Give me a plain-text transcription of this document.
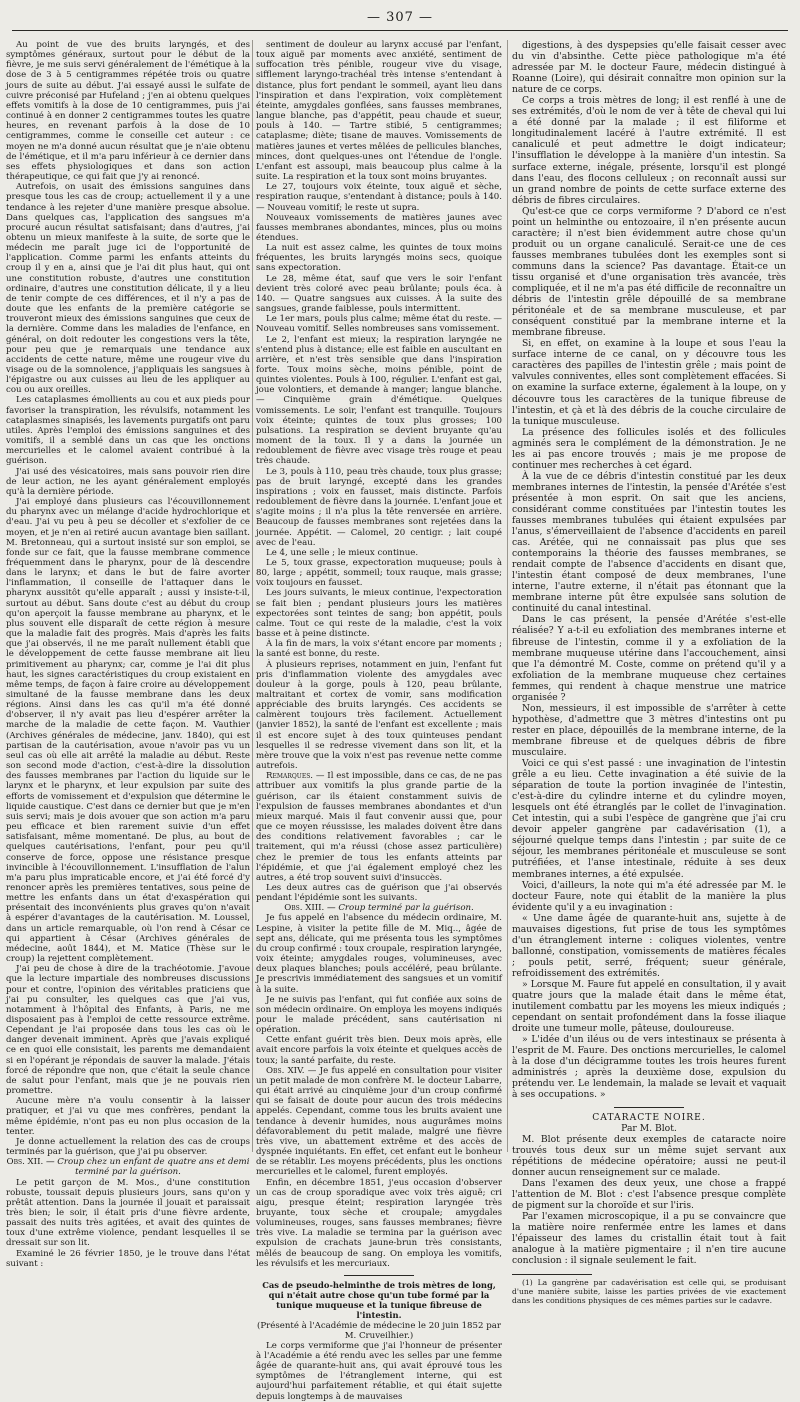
— 307 —

Au point de vue des bruits laryngés, et des symptômes généraux, surtout pour le début de la fièvre, je me suis servi généralement de l'émétique à la dose de 3 à 5 centigrammes répétée trois ou quatre jours de suite au début. J'ai essayé aussi le sulfate de cuivre préconisé par Hufeland ; j'en ai obtenu quelques effets vomitifs à la dose de 10 centigrammes, puis j'ai continué à en donner 2 centigrammes toutes les quatre heures, en revenant parfois à la dose de 10 centigrammes, comme le conseille cet auteur : ce moyen ne m'a donné aucun résultat que je n'aie obtenu de l'émétique, et il m'a paru inférieur à ce dernier dans ses effets physiologiques et dans son action thérapeutique, ce qui fait que j'y ai renoncé.

Autrefois, on usait des émissions sanguines dans presque tous les cas de croup; actuellement il y a une tendance à les rejeter d'une manière presque absolue. Dans quelques cas, l'application des sangsues m'a procuré aucun résultat satisfaisant; dans d'autres, j'ai obtenu un mieux manifeste à la suite, de sorte que le médecin me paraît juge ici de l'opportunité de l'application. Comme parmi les enfants atteints du croup il y en a, ainsi que je l'ai dit plus haut, qui ont une constitution robuste, d'autres une constitution ordinaire, d'autres une constitution délicate, il y a lieu de tenir compte de ces différences, et il n'y a pas de doute que les enfants de la première catégorie se trouveront mieux des émissions sanguines que ceux de la dernière. Comme dans les maladies de l'enfance, en général, on doit redouter les congestions vers la tête, pour peu que je remarquais une tendance aux accidents de cette nature, même une rougeur vive du visage ou de la somnolence, j'appliquais les sangsues à l'épigastre ou aux cuisses au lieu de les appliquer au cou ou aux oreilles.

Les cataplasmes émollients au cou et aux pieds pour favoriser la transpiration, les révulsifs, notamment les cataplasmes sinapisés, les lavements purgatifs ont paru utiles. Après l'emploi des émissions sanguines et des vomitifs, il a semblé dans un cas que les onctions mercurielles et le calomel avaient contribué à la guérison.

J'ai usé des vésicatoires, mais sans pouvoir rien dire de leur action, ne les ayant généralement employés qu'à la dernière période.

J'ai employé dans plusieurs cas l'écouvillonnement du pharynx avec un mélange d'acide hydrochlorique et d'eau. J'ai vu peu à peu se décoller et s'exfolier de ce moyen, et je n'en ai retiré aucun avantage bien saillant. M. Bretonneau, qui a surtout insisté sur son emploi, se fonde sur ce fait, que la fausse membrane commence fréquemment dans le pharynx, pour de là descendre dans le larynx; et dans le but de faire avorter l'inflammation, il conseille de l'attaquer dans le pharynx aussitôt qu'elle apparaît ; aussi y insiste-t-il, surtout au début. Sans doute c'est au début du croup qu'on aperçoit la fausse membrane au pharynx, et le plus souvent elle disparaît de cette région à mesure que la maladie fait des progrès. Mais d'après les faits que j'ai observés, il ne me paraît nullement établi que le développement de cette fausse membrane ait lieu primitivement au pharynx; car, comme je l'ai dit plus haut, les signes caractéristiques du croup existaient en même temps, de façon à faire croire au développement simultané de la fausse membrane dans les deux régions. Ainsi dans les cas qu'il m'a été donné d'observer, il n'y avait pas lieu d'espérer arrêter la marche de la maladie de cette façon. M. Vauthier (Archives générales de médecine, janv. 1840), qui est partisan de la cautérisation, avoue n'avoir pas vu un seul cas où elle ait arrêté la maladie au début. Reste son second mode d'action, c'est-à-dire la dissolution des fausses membranes par l'action du liquide sur le larynx et le pharynx, et leur expulsion par suite des efforts de vomissement et d'expulsion que détermine le liquide caustique. C'est dans ce dernier but que je m'en suis servi; mais je dois avouer que son action m'a paru peu efficace et bien rarement suivie d'un effet satisfaisant, même momentané. De plus, au bout de quelques cautérisations, l'enfant, pour peu qu'il conserve de force, oppose une résistance presque invincible à l'écouvillonnement. L'insufflation de l'alun m'a paru plus impraticable encore, et j'ai été forcé d'y renoncer après les premières tentatives, sous peine de mettre les enfants dans un état d'exaspération qui présentait des inconvénients plus graves qu'on n'avait à espérer d'avantages de la cautérisation. M. Loussel, dans un article remarquable, où l'on rend à César ce qui appartient à César (Archives générales de médecine, août 1844), et M. Matice (Thèse sur le croup) la rejettent complètement.

J'ai peu de chose à dire de la trachéotomie. J'avoue que la lecture impartiale des nombreuses discussions pour et contre, l'opinion des véritables praticiens que j'ai pu consulter, les quelques cas que j'ai vus, notamment à l'hôpital des Enfants, à Paris, ne me disposaient pas à l'emploi de cette ressource extrême. Cependant je l'ai proposée dans tous les cas où le danger devenait imminent. Après que j'avais expliqué ce en quoi elle consistait, les parents me demandaient si en l'opérant je répondais de sauver la malade. J'étais forcé de répondre que non, que c'était la seule chance de salut pour l'enfant, mais que je ne pouvais rien promettre.

Aucune mère n'a voulu consentir à la laisser pratiquer, et j'ai vu que mes confrères, pendant la même épidémie, n'ont pas eu non plus occasion de la tenter.

Je donne actuellement la relation des cas de croups terminés par la guérison, que j'ai pu observer.

Obs. XII. — Croup chez un enfant de quatre ans et demi terminé par la guérison.

Le petit garçon de M. Mos., d'une constitution robuste, toussait depuis plusieurs jours, sans qu'on y prêtât attention. Dans la journée il jouait et paraissait très bien; le soir, il était pris d'une fièvre ardente, passait des nuits très agitées, et avait des quintes de toux d'une extrême violence, pendant lesquelles il se dressait sur son lit.

Examiné le 26 février 1850, je le trouve dans l'état suivant :

sentiment de douleur au larynx accusé par l'enfant, toux aiguë par moments avec anxiété, sentiment de suffocation très pénible, rougeur vive du visage, sifflement laryngo-trachéal très intense s'entendant à distance, plus fort pendant le sommeil, ayant lieu dans l'inspiration et dans l'expiration, voix complètement éteinte, amygdales gonflées, sans fausses membranes, langue blanche, pas d'appétit, peau chaude et sueur, pouls à 140. — Tartre stibié, 5 centigrammes; cataplasme; diète; tisane de mauves. Vomissements de matières jaunes et vertes mêlées de pellicules blanches, minces, dont quelques-unes ont l'étendue de l'ongle. L'enfant est assoupi, mais beaucoup plus calme à la suite. La respiration et la toux sont moins bruyantes.

Le 27, toujours voix éteinte, toux aiguë et sèche, respiration rauque, s'entendant à distance; pouls à 140. — Nouveau vomitif; le reste ut supra.

Nouveaux vomissements de matières jaunes avec fausses membranes abondantes, minces, plus ou moins étendues.

La nuit est assez calme, les quintes de toux moins fréquentes, les bruits laryngés moins secs, quoique sans expectoration.

Le 28, même état, sauf que vers le soir l'enfant devient très coloré avec peau brûlante; pouls éca. à 140. — Quatre sangsues aux cuisses. À la suite des sangsues, grande faiblesse, pouls intermittent.

Le 1er mars, pouls plus calme; même état du reste. — Nouveau vomitif. Selles nombreuses sans vomissement.

Le 2, l'enfant est mieux; la respiration laryngée ne s'entend plus à distance; elle est faible en auscultant en arrière, et n'est très sensible que dans l'inspiration forte. Toux moins sèche, moins pénible, point de quintes violentes. Pouls à 100, régulier. L'enfant est gai, joue volontiers, et demande à manger; langue blanche. — Cinquième grain d'émétique. Quelques vomissements. Le soir, l'enfant est tranquille. Toujours voix éteinte; quintes de toux plus grosses; 100 pulsations. La respiration se devient bruyante qu'au moment de la toux. Il y a dans la journée un redoublement de fièvre avec visage très rouge et peau très chaude.

Le 3, pouls à 110, peau très chaude, toux plus grasse; pas de bruit laryngé, excepté dans les grandes inspirations ; voix en fausset, mais distincte. Parfois redoublement de fièvre dans la journée. L'enfant joue et s'agite moins ; il n'a plus la tête renversée en arrière. Beaucoup de fausses membranes sont rejetées dans la journée. Appétit. — Calomel, 20 centigr. ; lait coupé avec de l'eau.

Le 4, une selle ; le mieux continue.

Le 5, toux grasse, expectoration muqueuse; pouls à 80, large ; appétit, sommeil; toux rauque, mais grasse; voix toujours en fausset.

Les jours suivants, le mieux continue, l'expectoration se fait bien ; pendant plusieurs jours les matières expectorées sont teintes de sang; bon appétit, pouls calme. Tout ce qui reste de la maladie, c'est la voix basse et à peine distincte.

À la fin de mars, la voix s'étant encore par moments ; la santé est bonne, du reste.

À plusieurs reprises, notamment en juin, l'enfant fut pris d'inflammation violente des amygdales avec douleur à la gorge, pouls à 120, peau brûlante, maltraitant et cortex de vomir, sans modification appréciable des bruits laryngés. Ces accidents se calmèrent toujours très facilement. Actuellement (janvier 1852), la santé de l'enfant est excellente ; mais il est encore sujet à des toux quinteuses pendant lesquelles il se redresse vivement dans son lit, et la mère trouve que la voix n'est pas revenue nette comme autrefois.

Remarques. — Il est impossible, dans ce cas, de ne pas attribuer aux vomitifs la plus grande partie de la guérison, car ils étaient constamment suivis de l'expulsion de fausses membranes abondantes et d'un mieux marqué. Mais il faut convenir aussi que, pour que ce moyen réussisse, les malades doivent être dans des conditions relativement favorables ; car le traitement, qui m'a réussi (chose assez particulière) chez le premier de tous les enfants atteints par l'épidémie, et que j'ai également employé chez les autres, a été trop souvent suivi d'insuccès.

Les deux autres cas de guérison que j'ai observés pendant l'épidémie sont les suivants.

Obs. XIII. — Croup terminé par la guérison.

Je fus appelé en l'absence du médecin ordinaire, M. Lespine, à visiter la petite fille de M. Miq.., âgée de sept ans, délicate, qui me présenta tous les symptômes du croup confirmé : toux croupale, respiration laryngée, voix éteinte; amygdales rouges, volumineuses, avec deux plaques blanches; pouls accéléré, peau brûlante. Je prescrivis immédiatement des sangsues et un vomitif à la suite.

Je ne suivis pas l'enfant, qui fut confiée aux soins de son médecin ordinaire. On employa les moyens indiqués pour le malade précédent, sans cautérisation ni opération.

Cette enfant guérit très bien. Deux mois après, elle avait encore parfois la voix éteinte et quelques accès de toux; la santé parfaite, du reste.

Obs. XIV. — Je fus appelé en consultation pour visiter un petit malade de mon confrère M. le docteur Labarre, qui était arrivé au cinquième jour d'un croup confirmé qui se faisait de doute pour aucun des trois médecins appelés. Cependant, comme tous les bruits avaient une tendance à devenir humides, nous augurâmes moins défavorablement du petit malade, malgré une fièvre très vive, un abattement extrême et des accès de dyspnée inquiétants. En effet, cet enfant eut le bonheur de se rétablir. Les moyens précédents, plus les onctions mercurielles et le calomel, furent employés.

Enfin, en décembre 1851, j'eus occasion d'observer un cas de croup sporadique avec voix très aiguë; cri aigu, presque éteint; respiration laryngée très bruyante, toux sèche et croupale; amygdales volumineuses, rouges, sans fausses membranes; fièvre très vive. La maladie se termina par la guérison avec expulsion de crachats jaune-brun très consistants, mêlés de beaucoup de sang. On employa les vomitifs, les révulsifs et les mercuriaux.

Cas de pseudo-helminthe de trois mètres de long, qui n'était autre chose qu'un tube formé par la tunique muqueuse et la tunique fibreuse de l'intestin.

(Présenté à l'Académie de médecine le 20 juin 1852 par M. Cruveilhier.)

Le corps vermiforme que j'ai l'honneur de présenter à l'Académie a été rendu avec les selles par une femme âgée de quarante-huit ans, qui avait éprouvé tous les symptômes de l'étranglement interne, qui est aujourd'hui parfaitement rétablie, et qui était sujette depuis longtemps à de mauvaises

digestions, à des dyspepsies qu'elle faisait cesser avec du vin d'absinthe. Cette pièce pathologique m'a été adressée par M. le docteur Faure, médecin distingué à Roanne (Loire), qui désirait connaître mon opinion sur la nature de ce corps.

Ce corps a trois mètres de long; il est renflé à une de ses extrémités, d'où le nom de ver à tête de cheval qui lui a été donné par la malade ; il est filiforme et longitudinalement lacéré à l'autre extrémité. Il est canaliculé et peut admettre le doigt indicateur; l'insufflation le développe à la manière d'un intestin. Sa surface externe, inégale, présente, lorsqu'il est plongé dans l'eau, des flocons celluleux ; on reconnaît aussi sur un grand nombre de points de cette surface externe des débris de fibres circulaires.

Qu'est-ce que ce corps vermiforme ? D'abord ce n'est point un helminthe ou entozoaire, il n'en présente aucun caractère; il n'est bien évidemment autre chose qu'un produit ou un organe canaliculé. Serait-ce une de ces fausses membranes tubulées dont les exemples sont si communs dans la science? Pas davantage. Était-ce un tissu organisé et d'une organisation très avancée, très compliquée, et il ne m'a pas été difficile de reconnaître un débris de l'intestin grêle dépouillé de sa membrane péritonéale et de sa membrane musculeuse, et par conséquent constitué par la membrane interne et la membrane fibreuse.

Si, en effet, on examine à la loupe et sous l'eau la surface interne de ce canal, on y découvre tous les caractères des papilles de l'intestin grêle ; mais point de valvules conniventes, elles sont complètement effacées. Si on examine la surface externe, également à la loupe, on y découvre tous les caractères de la tunique fibreuse de l'intestin, et çà et là des débris de la couche circulaire de la tunique musculeuse.

La présence des follicules isolés et des follicules agminés sera le complément de la démonstration. Je ne les ai pas encore trouvés ; mais je me propose de continuer mes recherches à cet égard.

À la vue de ce débris d'intestin constitué par les deux membranes internes de l'intestin, la pensée d'Arétée s'est présentée à mon esprit. On sait que les anciens, considérant comme constituées par l'intestin toutes les fausses membranes tubulées qui étaient expulsées par l'anus, s'émerveillaient de l'absence d'accidents en pareil cas. Arétée, qui ne connaissait pas plus que ses contemporains la théorie des fausses membranes, se rendait compte de l'absence d'accidents en disant que, l'intestin étant composé de deux membranes, l'une interne, l'autre externe, il n'était pas étonnant que la membrane interne pût être expulsée sans solution de continuité du canal intestinal.

Dans le cas présent, la pensée d'Arétée s'est-elle réalisée? Y a-t-il eu exfoliation des membranes interne et fibreuse de l'intestin, comme il y a exfoliation de la membrane muqueuse utérine dans l'accouchement, ainsi que l'a démontré M. Coste, comme on prétend qu'il y a exfoliation de la membrane muqueuse chez certaines femmes, qui rendent à chaque menstrue une matrice organisée ?

Non, messieurs, il est impossible de s'arrêter à cette hypothèse, d'admettre que 3 mètres d'intestins ont pu rester en place, dépouillés de la membrane interne, de la membrane fibreuse et de quelques débris de fibre musculaire.

Voici ce qui s'est passé : une invagination de l'intestin grêle a eu lieu. Cette invagination a été suivie de la séparation de toute la portion invaginée de l'intestin, c'est-à-dire du cylindre interne et du cylindre moyen, lesquels ont été étranglés par le collet de l'invagination. Cet intestin, qui a subi l'espèce de gangrène que j'ai cru devoir appeler gangrène par cadavérisation (1), a séjourné quelque temps dans l'intestin ; par suite de ce séjour, les membranes péritonéale et musculeuse se sont putréfiées, et l'anse intestinale, réduite à ses deux membranes internes, a été expulsée.

Voici, d'ailleurs, la note qui m'a été adressée par M. le docteur Faure, note qui établit de la manière la plus évidente qu'il y a eu invagination :

« Une dame âgée de quarante-huit ans, sujette à de mauvaises digestions, fut prise de tous les symptômes d'un étranglement interne : coliques violentes, ventre ballonné, constipation, vomissements de matières fécales ; pouls petit, serré, fréquent; sueur générale, refroidissement des extrémités.

» Lorsque M. Faure fut appelé en consultation, il y avait quatre jours que la malade était dans le même état, inutilement combattu par les moyens les mieux indiqués ; cependant on sentait profondément dans la fosse iliaque droite une tumeur molle, pâteuse, douloureuse.

» L'idée d'un iléus ou de vers intestinaux se présenta à l'esprit de M. Faure. Des onctions mercurielles, le calomel à la dose d'un décigramme toutes les trois heures furent administrés ; après la deuxième dose, expulsion du prétendu ver. Le lendemain, la malade se levait et vaquait à ses occupations. »

CATARACTE NOIRE.

Par M. Blot.

M. Blot présente deux exemples de cataracte noire trouvés tous deux sur un même sujet servant aux répétitions de médecine opératoire; aussi ne peut-il donner aucun renseignement sur ce malade.

Dans l'examen des deux yeux, une chose a frappé l'attention de M. Blot : c'est l'absence presque complète de pigment sur la choroïde et sur l'iris.

Par l'examen microscopique, il a pu se convaincre que la matière noire renfermée entre les lames et dans l'épaisseur des lames du cristallin était tout à fait analogue à la matière pigmentaire ; il n'en tire aucune conclusion : il signale seulement le fait.

(1) La gangrène par cadavérisation est celle qui, se produisant d'une manière subite, laisse les parties privées de vie exactement dans les conditions physiques de ces mêmes parties sur le cadavre.
